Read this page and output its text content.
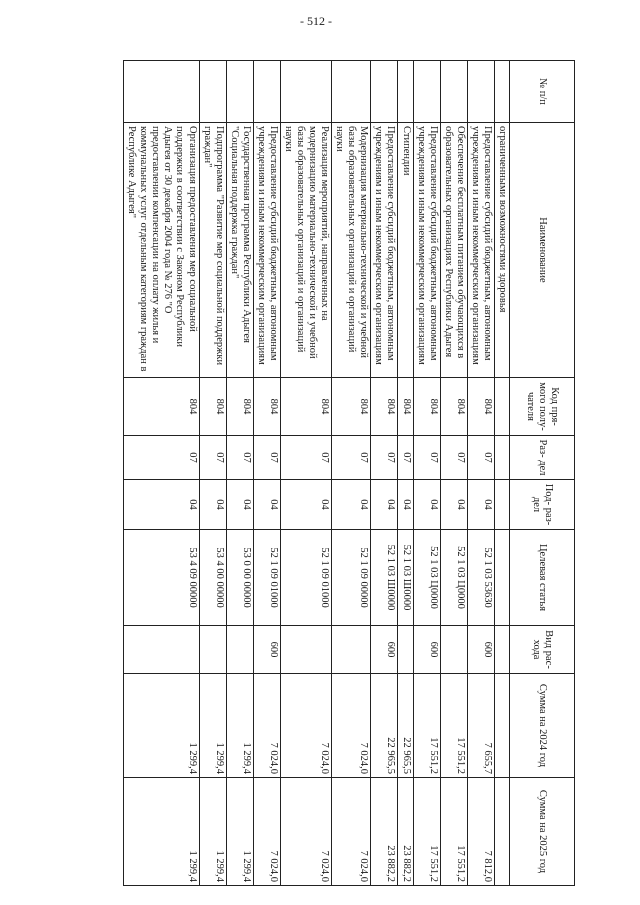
- 512 -
№ п/п	Наименование	Код пря- мого полу- чателя	Раз- дел	Под- раз- дел	Целевая статья	Вид рас- хода	Сумма на 2024 год	Сумма на 2025 год
	ограниченными возможностями здоровья							
	Предоставление субсидий бюджетным, автономным учреждениям и иным некоммерческим организациям	804	07	04	52 1 03 53630	600	7 655,7	7 812,0
	Обеспечение бесплатным питанием обучающихся в образовательных организациях Республики Адыгея	804	07	04	52 1 03 Ц0000		17 551,2	17 551,2
	Предоставление субсидий бюджетным, автономным учреждениям и иным некоммерческим организациям	804	07	04	52 1 03 Ц0000	600	17 551,2	17 551,2
	Стипендии	804	07	04	52 1 03 Ш0000		22 965,5	23 882,2
	Предоставление субсидий бюджетным, автономным учреждениям и иным некоммерческим организациям	804	07	04	52 1 03 Ш0000	600	22 965,5	23 882,2
	Модернизация материально-технической и учебной базы образовательных организаций и организаций науки	804	07	04	52 1 09 00000		7 024,0	7 024,0
	Реализация мероприятий, направленных на модернизацию материально-технической и учебной базы образовательных организаций и организаций науки	804	07	04	52 1 09 01000		7 024,0	7 024,0
	Предоставление субсидий бюджетным, автономным учреждениям и иным некоммерческим организациям	804	07	04	52 1 09 01000	600	7 024,0	7 024,0
	Государственная программа Республики Адыгея "Социальная поддержка граждан"	804	07	04	53 0 00 00000		1 299,4	1 299,4
	Подпрограмма "Развитие мер социальной поддержки граждан"	804	07	04	53 4 00 00000		1 299,4	1 299,4
	Организация предоставления мер социальной поддержки в соответствии с Законом Республики Адыгея от 30 декабря 2004 года № 276 "О предоставлении компенсации на оплату жилья и коммунальных услуг отдельным категориям граждан в Республике Адыгея"	804	07	04	53 4 09 00000		1 299,4	1 299,4
